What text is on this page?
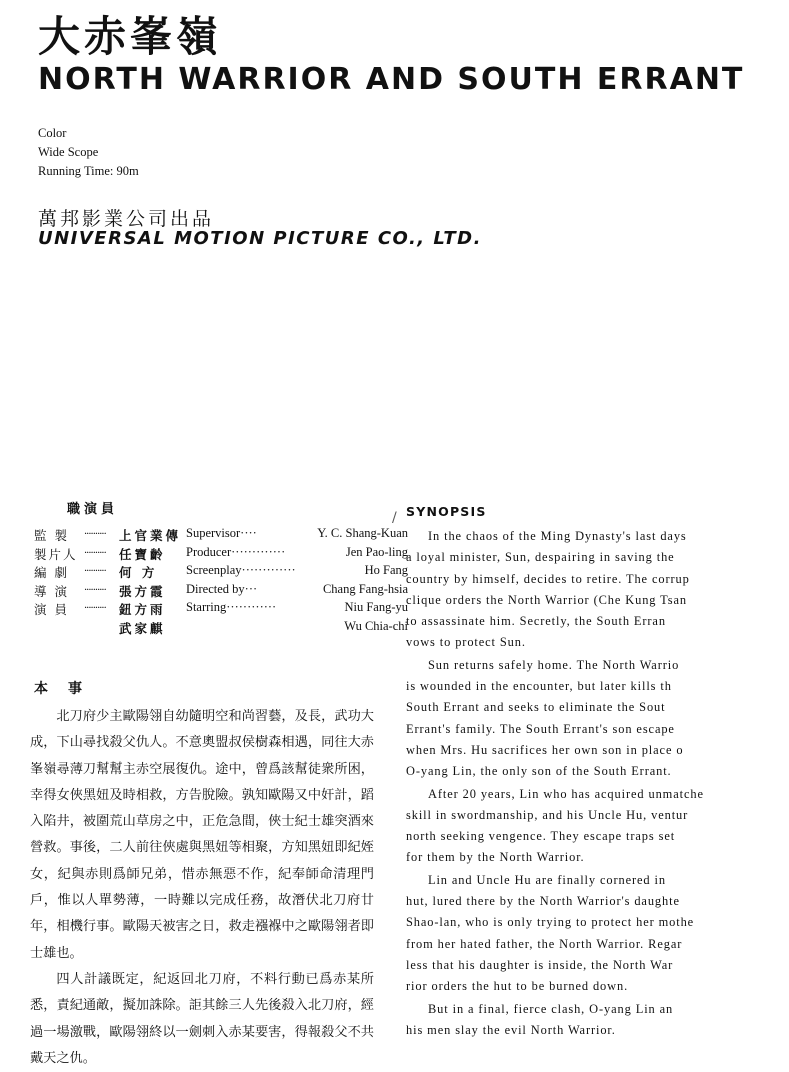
大赤峯嶺
NORTH WARRIOR AND SOUTH ERRANT
Color
Wide Scope
Running Time: 90m
萬邦影業公司出品
UNIVERSAL MOTION PICTURE CO., LTD.
職演員
監 製	··········	上官業傳 Supervisor····	Y. C. Shang-Kuan
製片人 ··········	任寶齡	Producer·············	Jen Pao-ling
編 劇	··········	何 方	Screenplay·············	Ho Fang
導 演	··········	張方霞	Directed by···	Chang Fang-hsia
演 員	··········	鈕方雨	Starring············	Niu Fang-yu
武家麒	Wu Chia-chi
本事

北刀府少主歐陽翎自幼隨明空和尚習藝，及長，武功大成，下山尋找殺父仇人。不意奧盟叔侯樹森相遇，同往大赤峯嶺尋薄刀幫幫主赤空展復仇。途中，曾爲該幫徒衆所困，幸得女俠黑妞及時相救，方告脫險。孰知歐陽又中奸計，蹈入陷井，被圍荒山草房之中，正危急間，俠士紀士雄突酒來營救。事後，二人前往俠處與黑妞等相聚，方知黑妞即紀姪女，紀與赤則爲師兄弟，惜赤無惡不作，紀奉師命清理門戶，惟以人單勢薄，一時難以完成任務，故潛伏北刀府廿年，相機行事。歐陽天被害之日，救走襁褓中之歐陽翎者即士雄也。

四人計議既定，紀返回北刀府，不料行動已爲赤某所悉，責紀通敵，擬加誅除。詎其餘三人先後殺入北刀府，經過一場激戰，歐陽翎終以一劍刺入赤某要害，得報殺父不共戴天之仇。

/ SYNOPSIS

In the chaos of the Ming Dynasty's last days
a loyal minister, Sun, despairing in saving the
country by himself, decides to retire. The corrup
clique orders the North Warrior (Che Kung Tsan
to assassinate him. Secretly, the South Erran
vows to protect Sun.

Sun returns safely home. The North Warrio
is wounded in the encounter, but later kills th
South Errant and seeks to eliminate the Sout
Errant's family. The South Errant's son escape
when Mrs. Hu sacrifices her own son in place o
O-yang Lin, the only son of the South Errant.

After 20 years, Lin who has acquired unmatche
skill in swordmanship, and his Uncle Hu, ventur
north seeking vengence. They escape traps set
for them by the North Warrior.

Lin and Uncle Hu are finally cornered in
hut, lured there by the North Warrior's daughte
Shao-lan, who is only trying to protect her mothe
from her hated father, the North Warrior. Regar
less that his daughter is inside, the North War
rior orders the hut to be burned down.

But in a final, fierce clash, O-yang Lin an
his men slay the evil North Warrior.
